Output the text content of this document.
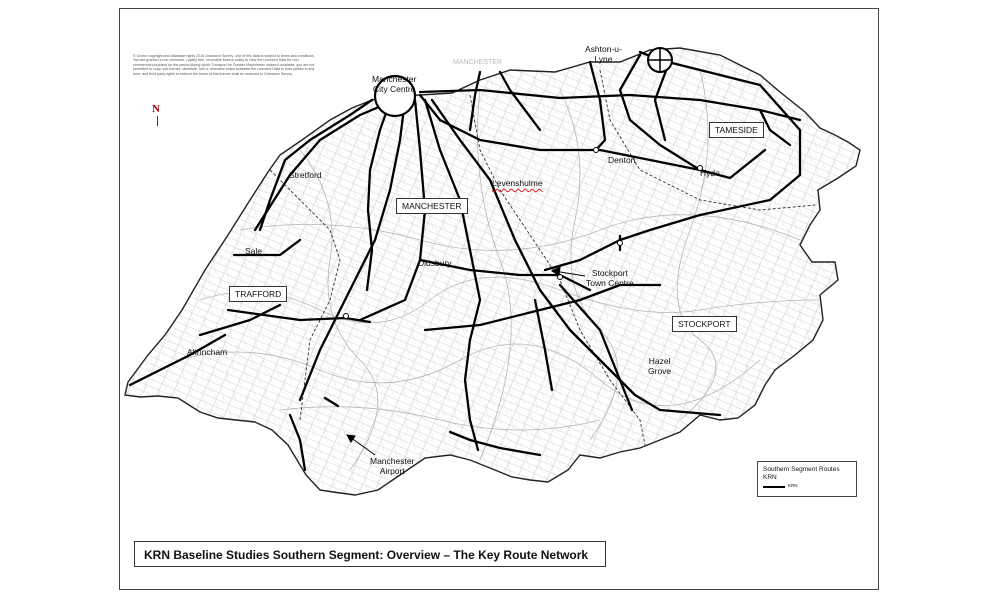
© Crown copyright and database rights 2016 Ordnance Survey. Use of this data is subject to terms and conditions. You are granted a non-exclusive, royalty free, revocable licence solely to view the Licensed Data for non-commercial purposes for the period during which Transport for Greater Manchester makes it available; you are not permitted to copy, sub-license, distribute, sell or otherwise make available the Licensed Data to third parties in any form; and third party rights to enforce the terms of this licence shall be reserved to Ordnance Survey.
N
Manchester
City Centre
Ashton-u-
Lyne
Stretford
Levenshulme
Denton
Hyde
Sale
Didsbury
Stockport
Town Centre
Altrincham
Hazel
Grove
Manchester
Airport
MANCHESTER
MANCHESTER
TRAFFORD
TAMESIDE
STOCKPORT
Southern Segment Routes
KRN
KRN
KRN Baseline Studies Southern Segment: Overview – The Key Route Network
